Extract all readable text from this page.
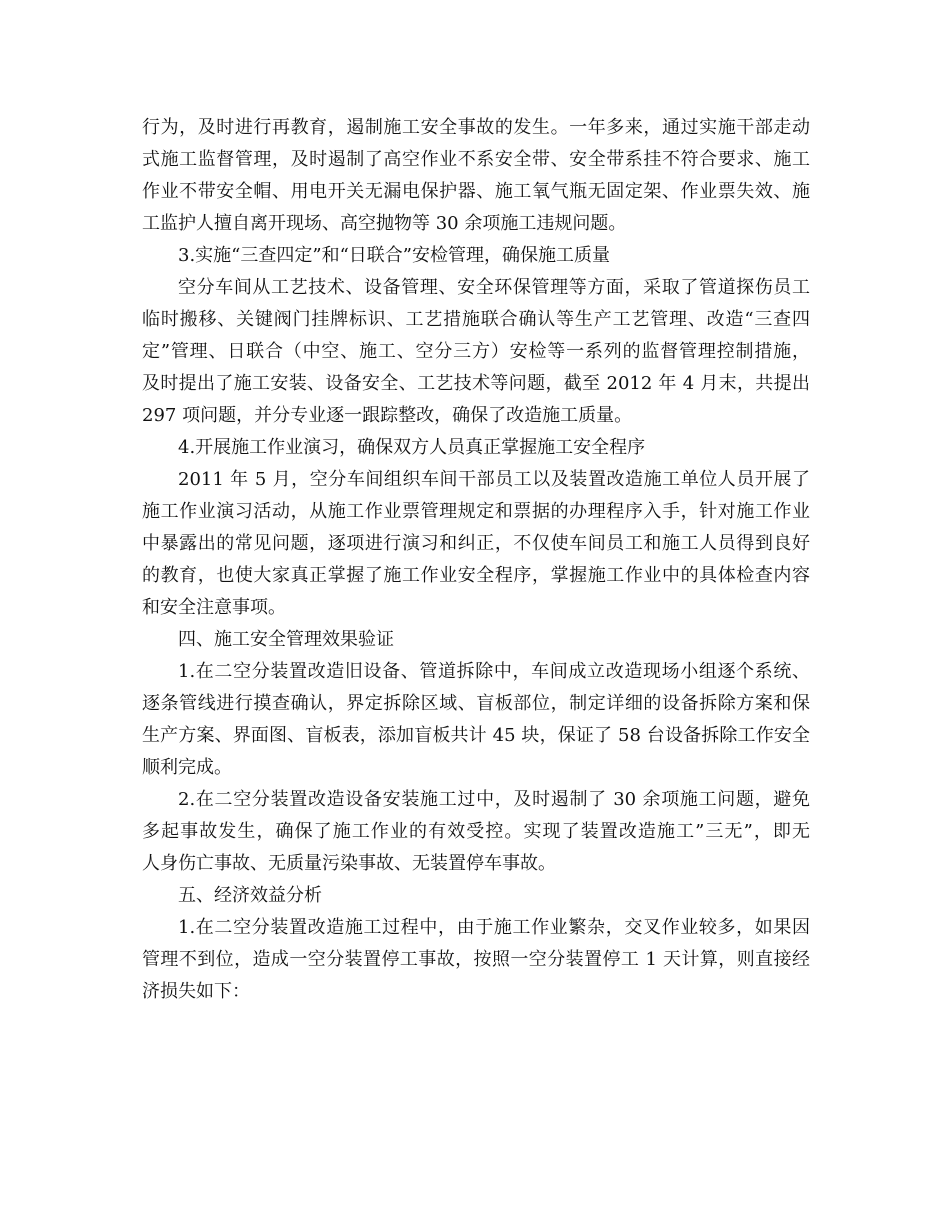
行为，及时进行再教育，遏制施工安全事故的发生。一年多来，通过实施干部走动
式施工监督管理，及时遏制了高空作业不系安全带、安全带系挂不符合要求、施工
作业不带安全帽、用电开关无漏电保护器、施工氧气瓶无固定架、作业票失效、施
工监护人擅自离开现场、高空抛物等 30 余项施工违规问题。
3.实施“三查四定”和“日联合”安检管理，确保施工质量
空分车间从工艺技术、设备管理、安全环保管理等方面，采取了管道探伤员工
临时搬移、关键阀门挂牌标识、工艺措施联合确认等生产工艺管理、改造“三查四
定”管理、日联合（中空、施工、空分三方）安检等一系列的监督管理控制措施，
及时提出了施工安装、设备安全、工艺技术等问题，截至 2012 年 4 月末，共提出
297 项问题，并分专业逐一跟踪整改，确保了改造施工质量。
4.开展施工作业演习，确保双方人员真正掌握施工安全程序
2011 年 5 月，空分车间组织车间干部员工以及装置改造施工单位人员开展了
施工作业演习活动，从施工作业票管理规定和票据的办理程序入手，针对施工作业
中暴露出的常见问题，逐项进行演习和纠正，不仅使车间员工和施工人员得到良好
的教育，也使大家真正掌握了施工作业安全程序，掌握施工作业中的具体检查内容
和安全注意事项。
四、施工安全管理效果验证
1.在二空分装置改造旧设备、管道拆除中，车间成立改造现场小组逐个系统、
逐条管线进行摸查确认，界定拆除区域、盲板部位，制定详细的设备拆除方案和保
生产方案、界面图、盲板表，添加盲板共计 45 块，保证了 58 台设备拆除工作安全
顺利完成。
2.在二空分装置改造设备安装施工过中，及时遏制了 30 余项施工问题，避免
多起事故发生，确保了施工作业的有效受控。实现了装置改造施工”三无”，即无
人身伤亡事故、无质量污染事故、无装置停车事故。
五、经济效益分析
1.在二空分装置改造施工过程中，由于施工作业繁杂，交叉作业较多，如果因
管理不到位，造成一空分装置停工事故，按照一空分装置停工 1 天计算，则直接经
济损失如下：
